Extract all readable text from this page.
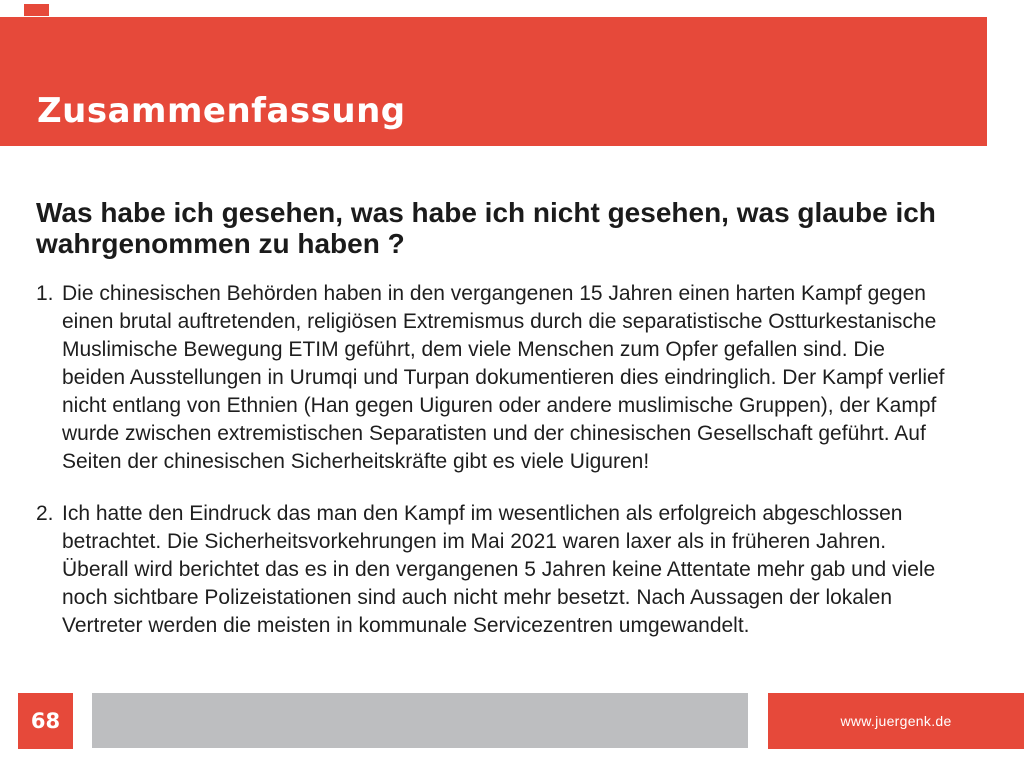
Zusammenfassung
Was habe ich gesehen, was habe ich nicht gesehen, was glaube ich wahrgenommen zu haben ?
1. Die chinesischen Behörden haben in den vergangenen 15 Jahren einen harten Kampf gegen einen brutal auftretenden, religiösen Extremismus durch die separatistische Ostturkestanische Muslimische Bewegung ETIM geführt, dem viele Menschen zum Opfer gefallen sind. Die beiden Ausstellungen in Urumqi und Turpan dokumentieren dies eindringlich. Der Kampf verlief nicht entlang von Ethnien (Han gegen Uiguren oder andere muslimische Gruppen), der Kampf wurde zwischen extremistischen Separatisten und der chinesischen Gesellschaft geführt. Auf Seiten der chinesischen Sicherheitskräfte gibt es viele Uiguren!
2. Ich hatte den Eindruck das man den Kampf im wesentlichen als erfolgreich abgeschlossen betrachtet. Die Sicherheitsvorkehrungen im Mai 2021 waren laxer als in früheren Jahren. Überall wird berichtet das es in den vergangenen 5 Jahren keine Attentate mehr gab und viele noch sichtbare Polizeistationen sind auch nicht mehr besetzt. Nach Aussagen der lokalen Vertreter werden die meisten in kommunale Servicezentren umgewandelt.
68	www.juergenk.de
